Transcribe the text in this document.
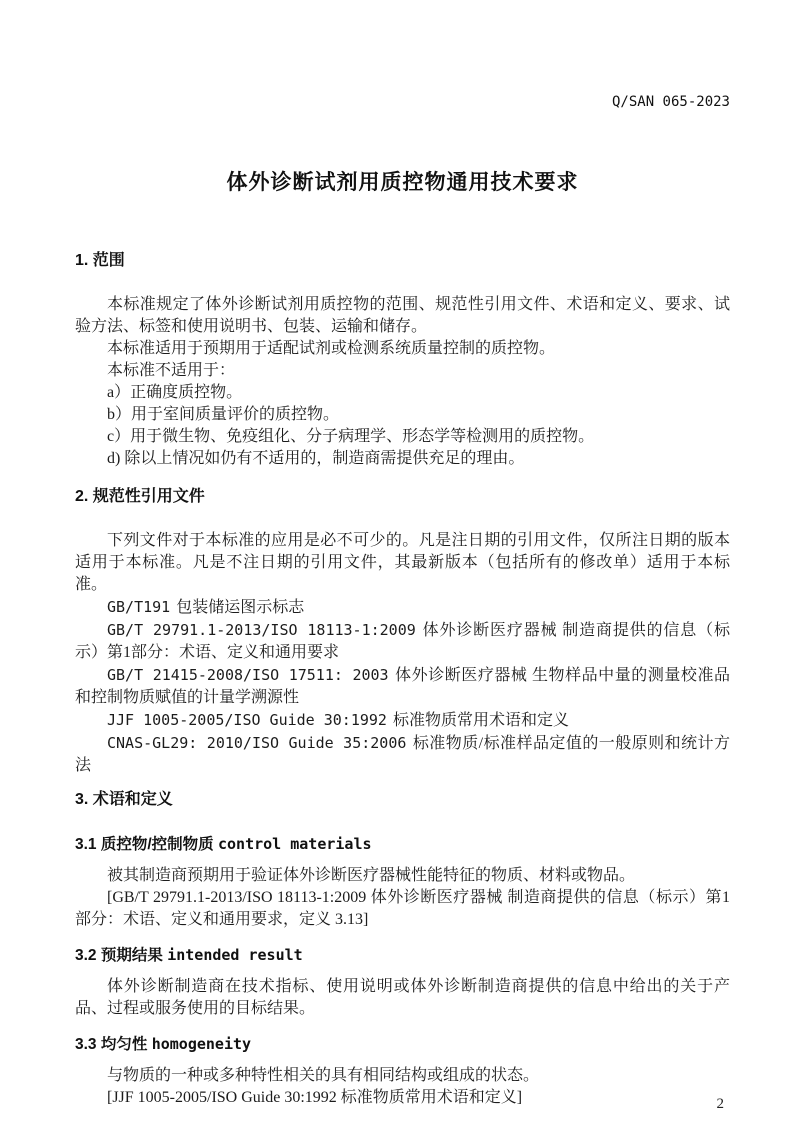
Q/SAN 065-2023
体外诊断试剂用质控物通用技术要求
1. 范围

本标准规定了体外诊断试剂用质控物的范围、规范性引用文件、术语和定义、要求、试验方法、标签和使用说明书、包装、运输和储存。

本标准适用于预期用于适配试剂或检测系统质量控制的质控物。

本标准不适用于：

a）正确度质控物。

b）用于室间质量评价的质控物。

c）用于微生物、免疫组化、分子病理学、形态学等检测用的质控物。

d) 除以上情况如仍有不适用的，制造商需提供充足的理由。

2. 规范性引用文件

下列文件对于本标准的应用是必不可少的。凡是注日期的引用文件，仅所注日期的版本适用于本标准。凡是不注日期的引用文件，其最新版本（包括所有的修改单）适用于本标准。

GB/T191 包装储运图示标志

GB/T 29791.1-2013/ISO 18113-1:2009 体外诊断医疗器械 制造商提供的信息（标示）第1部分：术语、定义和通用要求

GB/T 21415-2008/ISO 17511: 2003 体外诊断医疗器械 生物样品中量的测量校准品和控制物质赋值的计量学溯源性

JJF 1005-2005/ISO Guide 30:1992 标准物质常用术语和定义

CNAS-GL29: 2010/ISO Guide 35:2006 标准物质/标准样品定值的一般原则和统计方法

3. 术语和定义
3.1 质控物/控制物质 control materials

被其制造商预期用于验证体外诊断医疗器械性能特征的物质、材料或物品。

[GB/T 29791.1-2013/ISO 18113-1:2009 体外诊断医疗器械 制造商提供的信息（标示）第1部分：术语、定义和通用要求，定义 3.13]

3.2 预期结果 intended result

体外诊断制造商在技术指标、使用说明或体外诊断制造商提供的信息中给出的关于产品、过程或服务使用的目标结果。

3.3 均匀性 homogeneity

与物质的一种或多种特性相关的具有相同结构或组成的状态。

[JJF 1005-2005/ISO Guide 30:1992 标准物质常用术语和定义]	2
